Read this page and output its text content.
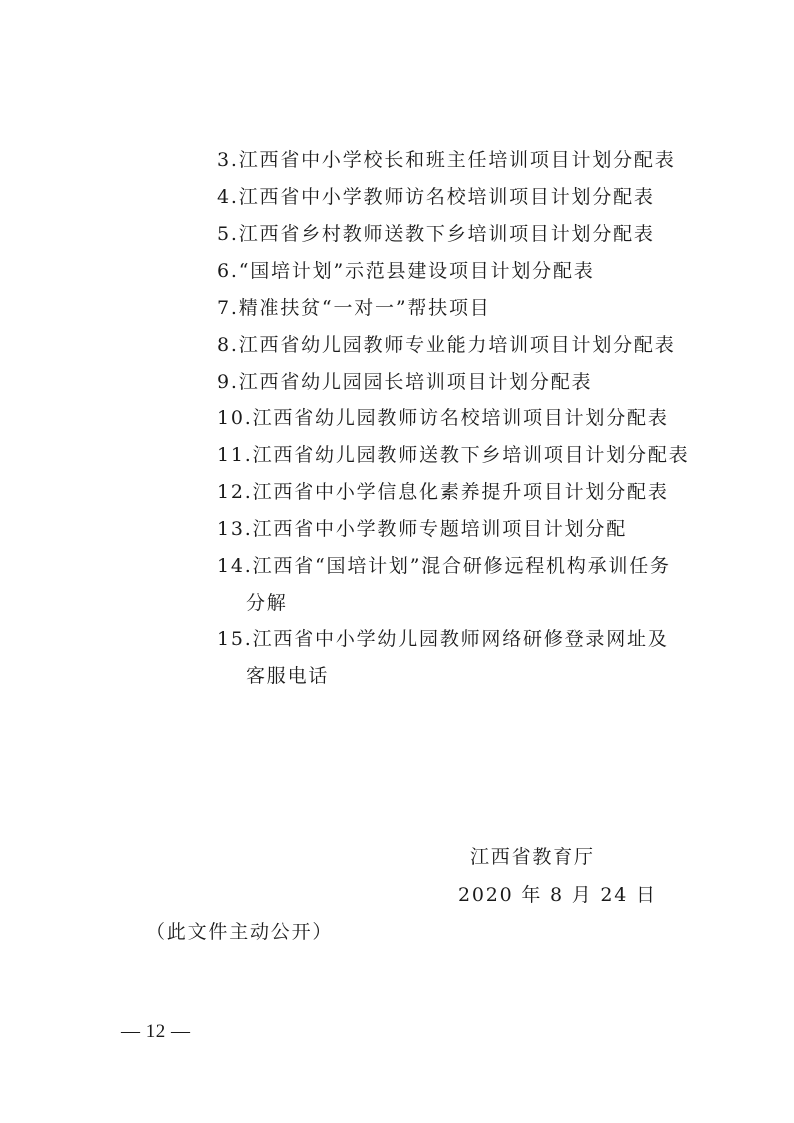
3.江西省中小学校长和班主任培训项目计划分配表
4.江西省中小学教师访名校培训项目计划分配表
5.江西省乡村教师送教下乡培训项目计划分配表
6.“国培计划”示范县建设项目计划分配表
7.精准扶贫“一对一”帮扶项目
8.江西省幼儿园教师专业能力培训项目计划分配表
9.江西省幼儿园园长培训项目计划分配表
10.江西省幼儿园教师访名校培训项目计划分配表
11.江西省幼儿园教师送教下乡培训项目计划分配表
12.江西省中小学信息化素养提升项目计划分配表
13.江西省中小学教师专题培训项目计划分配
14.江西省“国培计划”混合研修远程机构承训任务
分解
15.江西省中小学幼儿园教师网络研修登录网址及
客服电话
江西省教育厅
2020 年 8 月 24 日
（此文件主动公开）
— 12 —
